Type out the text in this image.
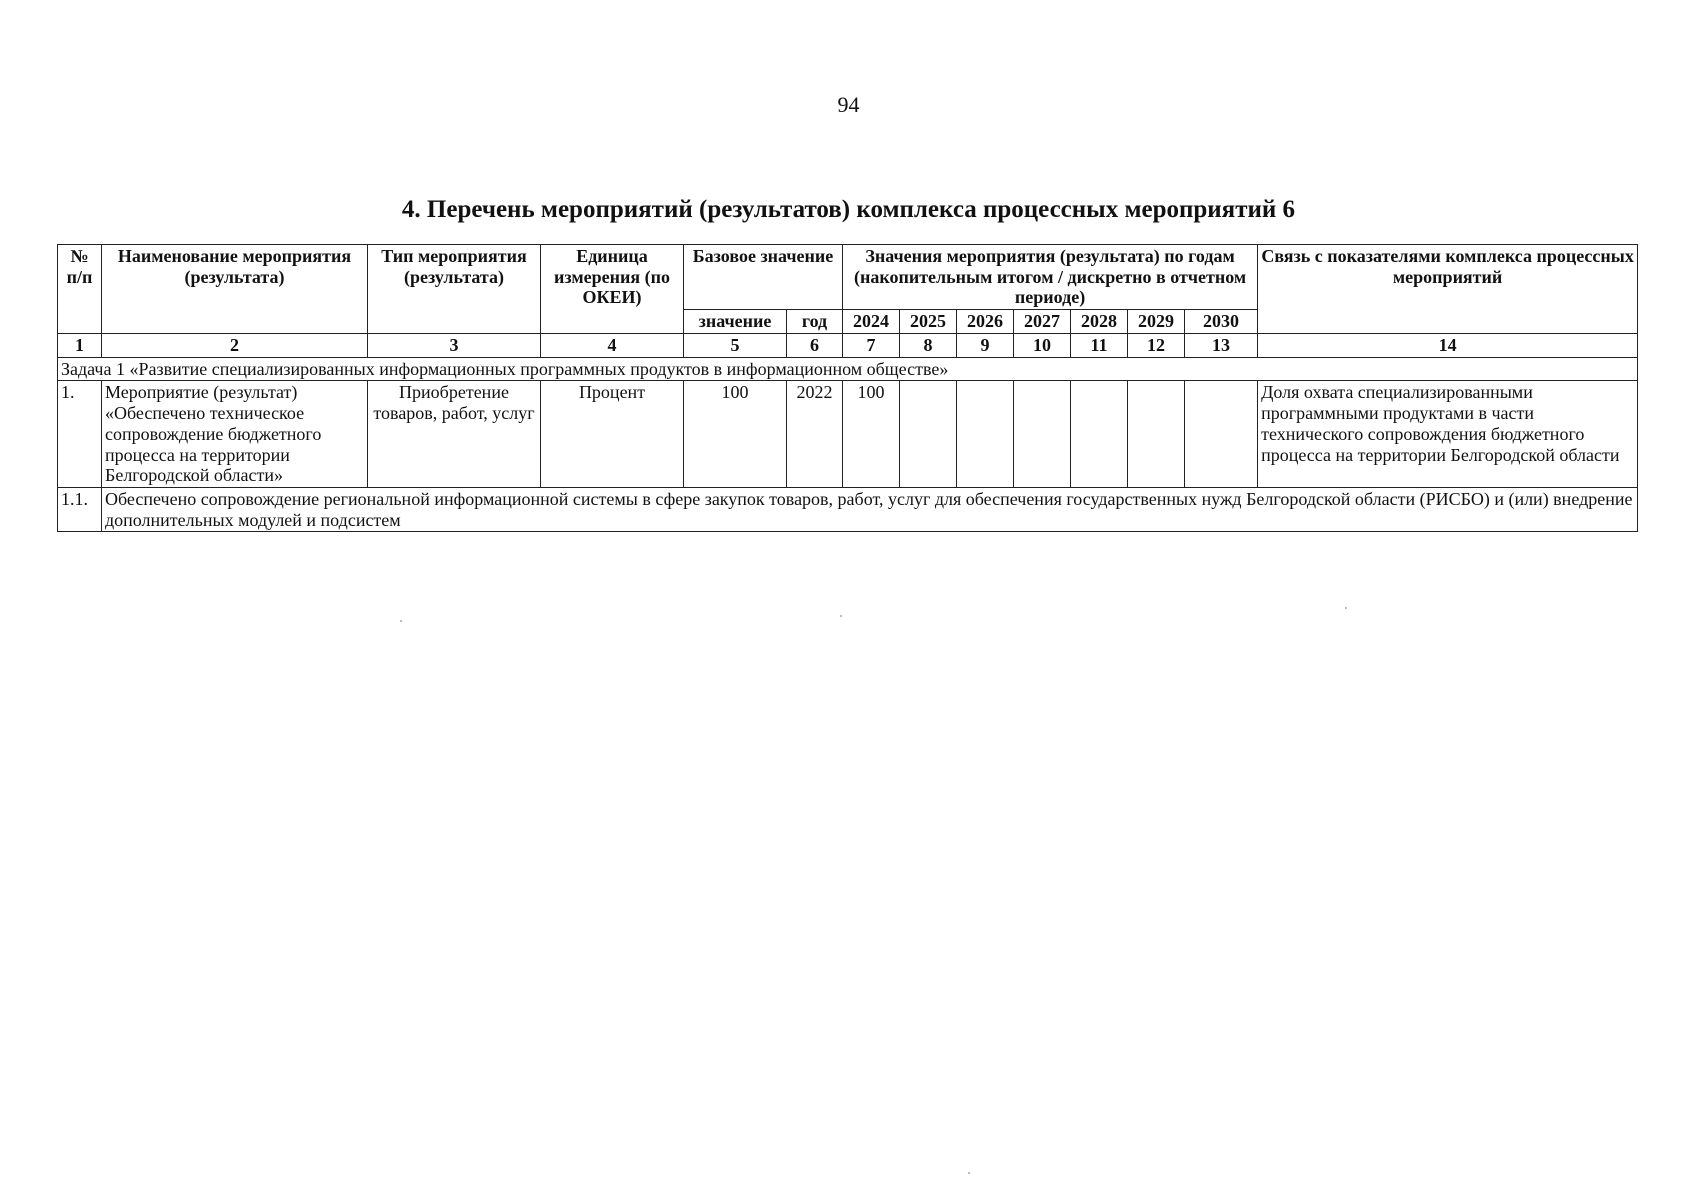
94
4. Перечень мероприятий (результатов) комплекса процессных мероприятий 6
№ п/п	Наименование мероприятия (результата)	Тип мероприятия (результата)	Единица измерения (по ОКЕИ)	Базовое значение		Значения мероприятия (результата) по годам (накопительным итогом / дискретно в отчетном периоде)							Связь с показателями комплекса процессных мероприятий
				значение	год	2024	2025	2026	2027	2028	2029	2030	
1	2	3	4	5	6	7	8	9	10	11	12	13	14
Задача 1 «Развитие специализированных информационных программных продуктов в информационном обществе»													
1.	Мероприятие (результат) «Обеспечено техническое сопровождение бюджетного процесса на территории Белгородской области»	Приобретение товаров, работ, услуг	Процент	100	2022	100							Доля охвата специализированными программными продуктами в части технического сопровождения бюджетного процесса на территории Белгородской области
1.1.	Обеспечено сопровождение региональной информационной системы в сфере закупок товаров, работ, услуг для обеспечения государственных нужд Белгородской области (РИСБО) и (или) внедрение дополнительных модулей и подсистем												
